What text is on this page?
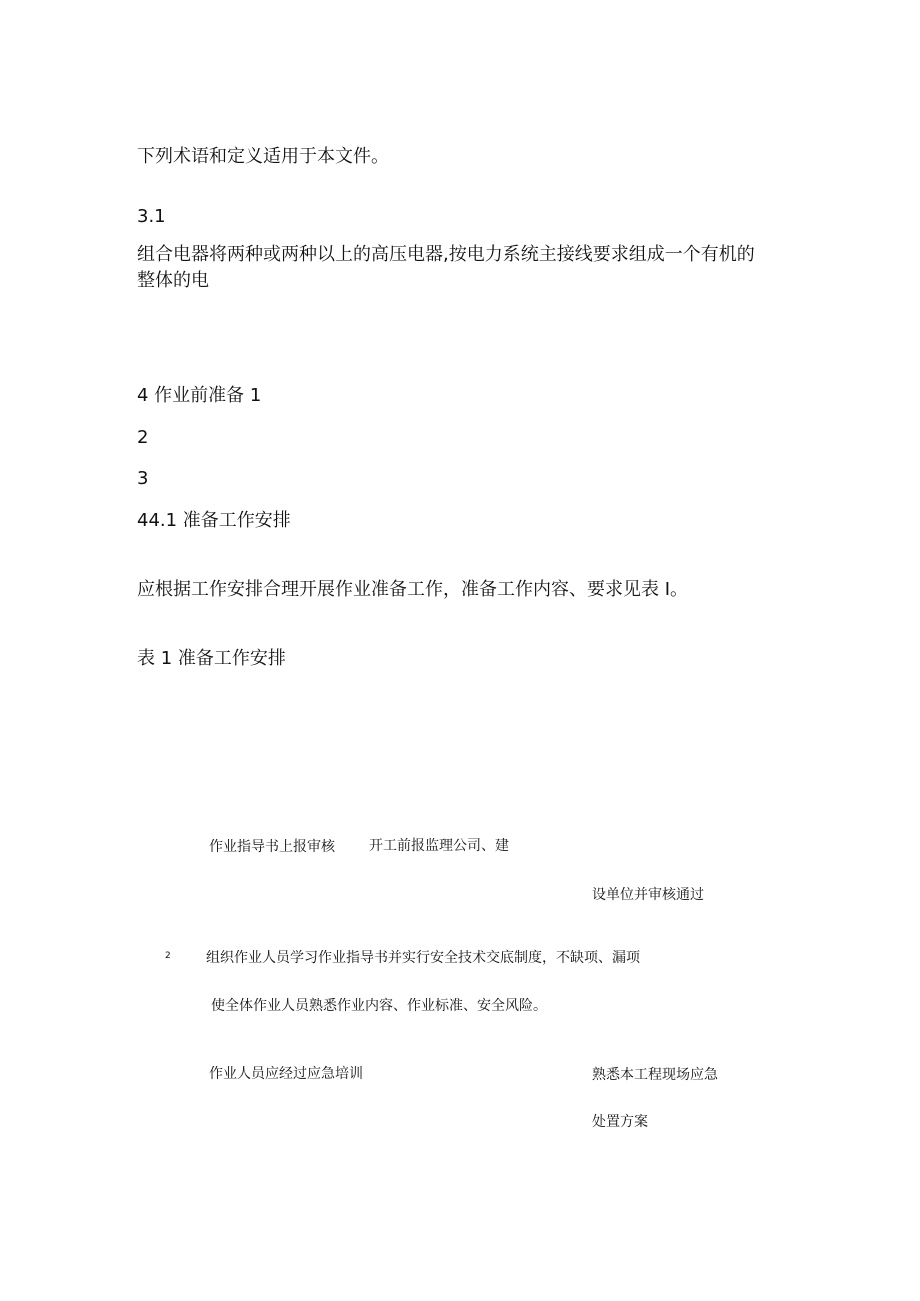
下列术语和定义适用于本文件。
3.1
组合电器将两种或两种以上的高压电器,按电力系统主接线要求组成一个有机的
整体的电
4 作业前准备 1
2
3
44.1 准备工作安排
应根据工作安排合理开展作业准备工作，准备工作内容、要求见表 I。
表 1 准备工作安排
作业指导书上报审核 开工前报监理公司、建
设单位并审核通过
2	组织作业人员学习作业指导书并实行安全技术交底制度，不缺项、漏项
使全体作业人员熟悉作业内容、作业标准、安全风险。
作业人员应经过应急培训	熟悉本工程现场应急
处置方案
